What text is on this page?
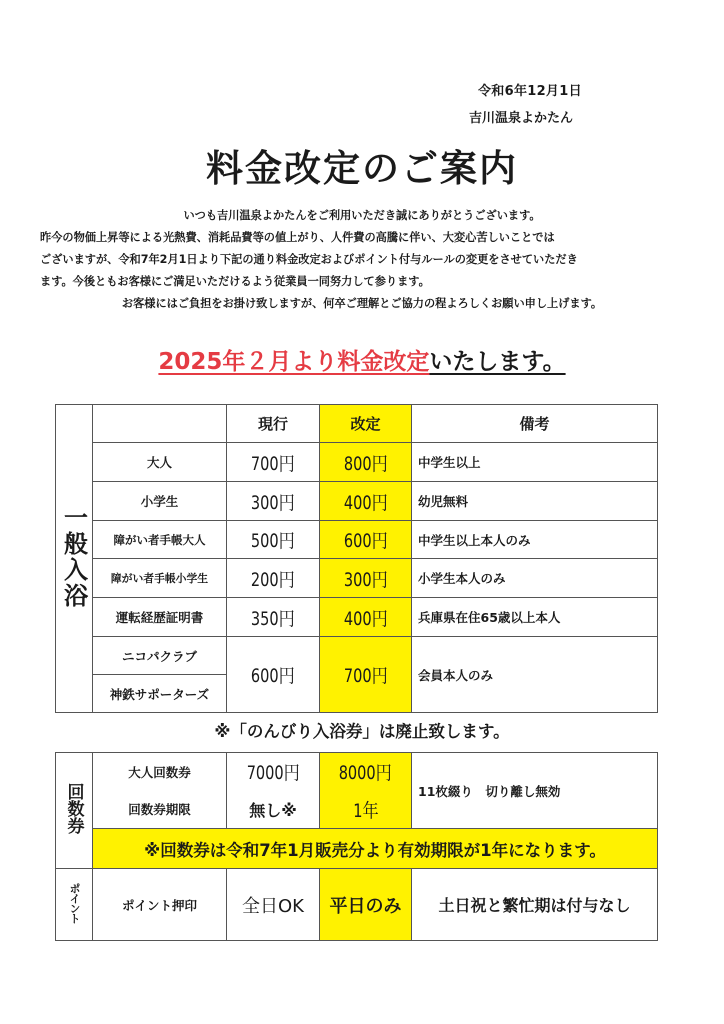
令和6年12月1日
吉川温泉よかたん
料金改定のご案内

いつも吉川温泉よかたんをご利用いただき誠にありがとうございます。

昨今の物価上昇等による光熱費、消耗品費等の値上がり、人件費の高騰に伴い、大変心苦しいことでは

ございますが、令和7年2月1日より下記の通り料金改定およびポイント付与ルールの変更をさせていただき

ます。今後ともお客様にご満足いただけるよう従業員一同努力して参ります。

お客様にはご負担をお掛け致しますが、何卒ご理解とご協力の程よろしくお願い申し上げます。

2025年２月より料金改定いたします。
一般入浴		現行	改定	備考
	大人	700円	800円	中学生以上
	小学生	300円	400円	幼児無料
	障がい者手帳大人	500円	600円	中学生以上本人のみ
	障がい者手帳小学生	200円	300円	小学生本人のみ
	運転経歴証明書	350円	400円	兵庫県在住65歳以上本人
	ニコパクラブ	600円	700円	会員本人のみ
	神鉄サポーターズ			
※「のんびり入浴券」は廃止致します。
回数券	大人回数券	7000円	8000円	11枚綴り　切り離し無効
	回数券期限	無し※	1年	
	※回数券は令和7年1月販売分より有効期限が1年になります。			
ポイント	ポイント押印	全日OK	平日のみ	土日祝と繁忙期は付与なし
